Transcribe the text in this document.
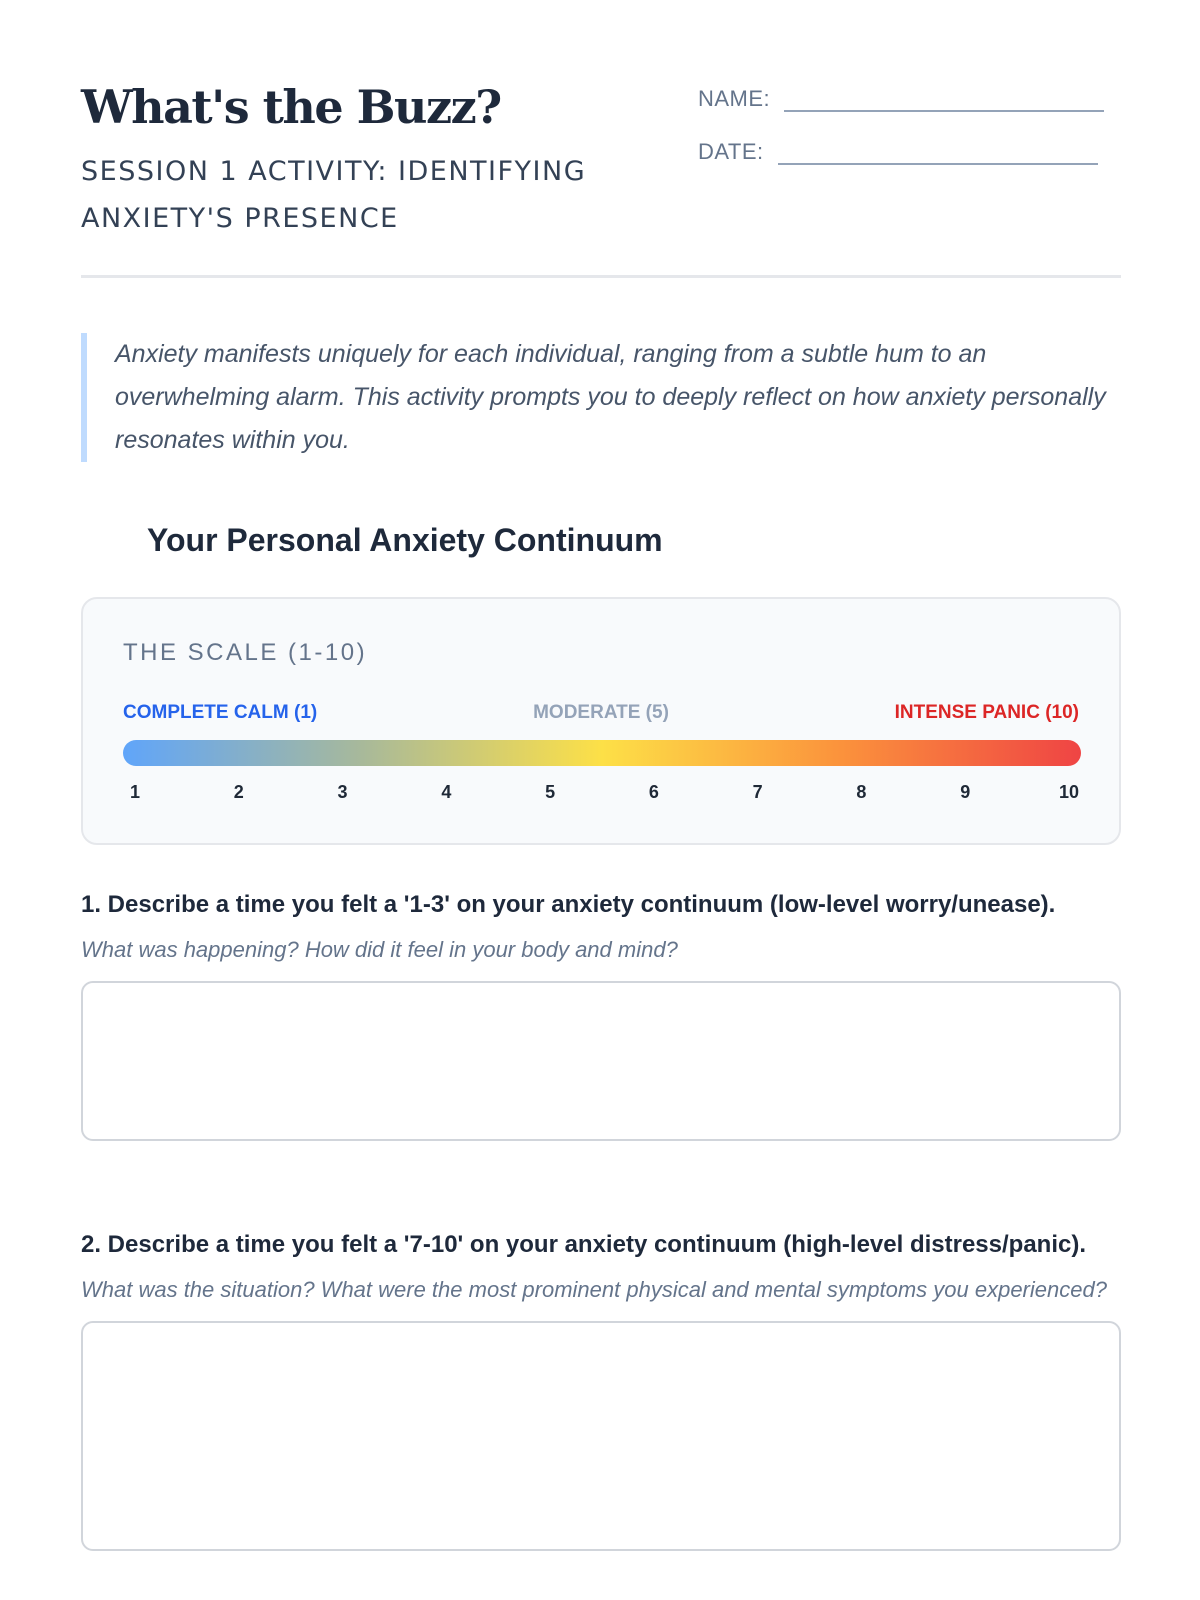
What's the Buzz?
SESSION 1 ACTIVITY: IDENTIFYING ANXIETY'S PRESENCE
NAME:
DATE:

Anxiety manifests uniquely for each individual, ranging from a subtle hum to an overwhelming alarm. This activity prompts you to deeply reflect on how anxiety personally resonates within you.

Your Personal Anxiety Continuum
THE SCALE (1-10)
COMPLETE CALM (1)	MODERATE (5)	INTENSE PANIC (10)
1	2	3	4	5	6	7	8	9	10

1. Describe a time you felt a '1-3' on your anxiety continuum (low-level worry/unease).

What was happening? How did it feel in your body and mind?

2. Describe a time you felt a '7-10' on your anxiety continuum (high-level distress/panic).

What was the situation? What were the most prominent physical and mental symptoms you experienced?
